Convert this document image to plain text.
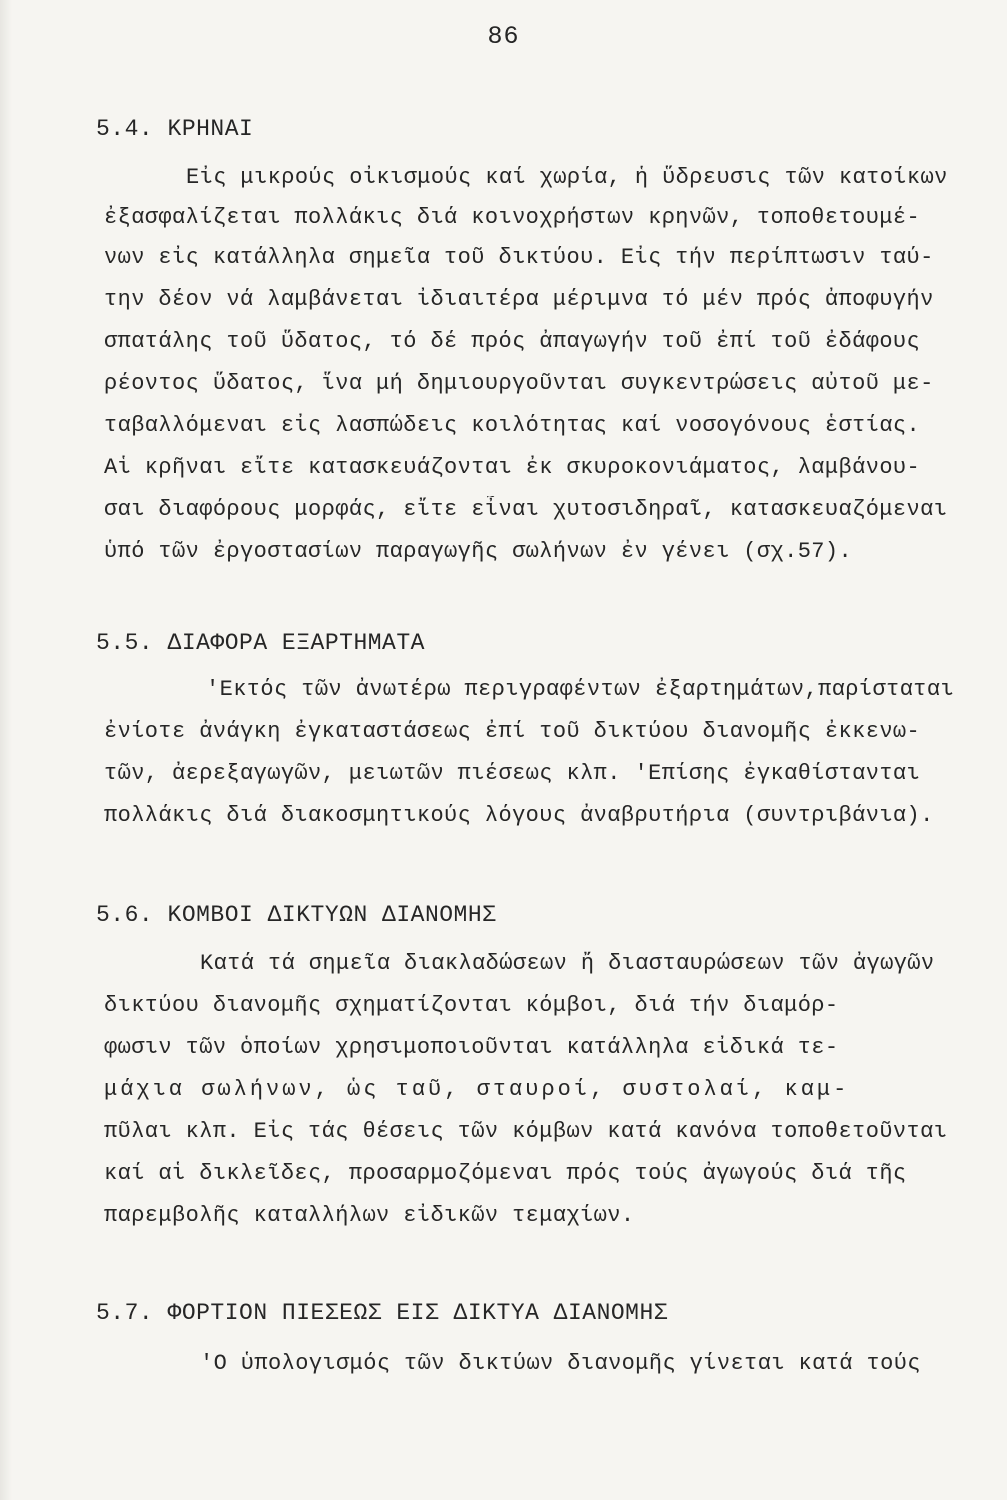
86
5.4. ΚΡΗΝΑΙ
Εἰς μικρούς οἰκισμούς καί χωρία, ἡ ὕδρευσις τῶν κατοίκων
ἐξασφαλίζεται πολλάκις διά κοινοχρήστων κρηνῶν, τοποθετουμέ-
νων εἰς κατάλληλα σημεῖα τοῦ δικτύου. Εἰς τήν περίπτωσιν ταύ-
την δέον νά λαμβάνεται ἰδιαιτέρα μέριμνα τό μέν πρός ἀποφυγήν
σπατάλης τοῦ ὕδατος, τό δέ πρός ἀπαγωγήν τοῦ ἐπί τοῦ ἐδάφους
ρέοντος ὕδατος, ἵνα μή δημιουργοῦνται συγκεντρώσεις αὐτοῦ με-
ταβαλλόμεναι εἰς λασπώδεις κοιλότητας καί νοσογόνους ἑστίας.
Αἱ κρῆναι εἴτε κατασκευάζονται ἐκ σκυροκονιάματος, λαμβάνου-
σαι διαφόρους μορφάς, εἴτε εἶναι χυτοσιδηραῖ, κατασκευαζόμεναι
ὑπό τῶν ἐργοστασίων παραγωγῆς σωλήνων ἐν γένει (σχ.57).
5.5. ΔΙΑΦΟΡΑ ΕΞΑΡΤΗΜΑΤΑ
'Εκτός τῶν ἀνωτέρω περιγραφέντων ἐξαρτημάτων,παρίσταται
ἐνίοτε ἀνάγκη ἐγκαταστάσεως ἐπί τοῦ δικτύου διανομῆς ἐκκενω-
τῶν, ἀερεξαγωγῶν, μειωτῶν πιέσεως κλπ. 'Επίσης ἐγκαθίστανται
πολλάκις διά διακοσμητικούς λόγους ἀναβρυτήρια (συντριβάνια).
5.6. ΚΟΜΒΟΙ ΔΙΚΤΥΩΝ ΔΙΑΝΟΜΗΣ
Κατά τά σημεῖα διακλαδώσεων ἤ διασταυρώσεων τῶν ἀγωγῶν
δικτύου διανομῆς σχηματίζονται κόμβοι, διά τήν διαμόρ-
φωσιν τῶν ὁποίων χρησιμοποιοῦνται κατάλληλα εἰδικά τε-
μάχια σωλήνων, ὡς ταῦ, σταυροί, συστολαί, καμ-
πῦλαι κλπ. Εἰς τάς θέσεις τῶν κόμβων κατά κανόνα τοποθετοῦνται
καί αἱ δικλεῖδες, προσαρμοζόμεναι πρός τούς ἀγωγούς διά τῆς
παρεμβολῆς καταλλήλων εἰδικῶν τεμαχίων.
5.7. ΦΟΡΤΙΟΝ ΠΙΕΣΕΩΣ ΕΙΣ ΔΙΚΤΥΑ ΔΙΑΝΟΜΗΣ
'Ο ὑπολογισμός τῶν δικτύων διανομῆς γίνεται κατά τούς
